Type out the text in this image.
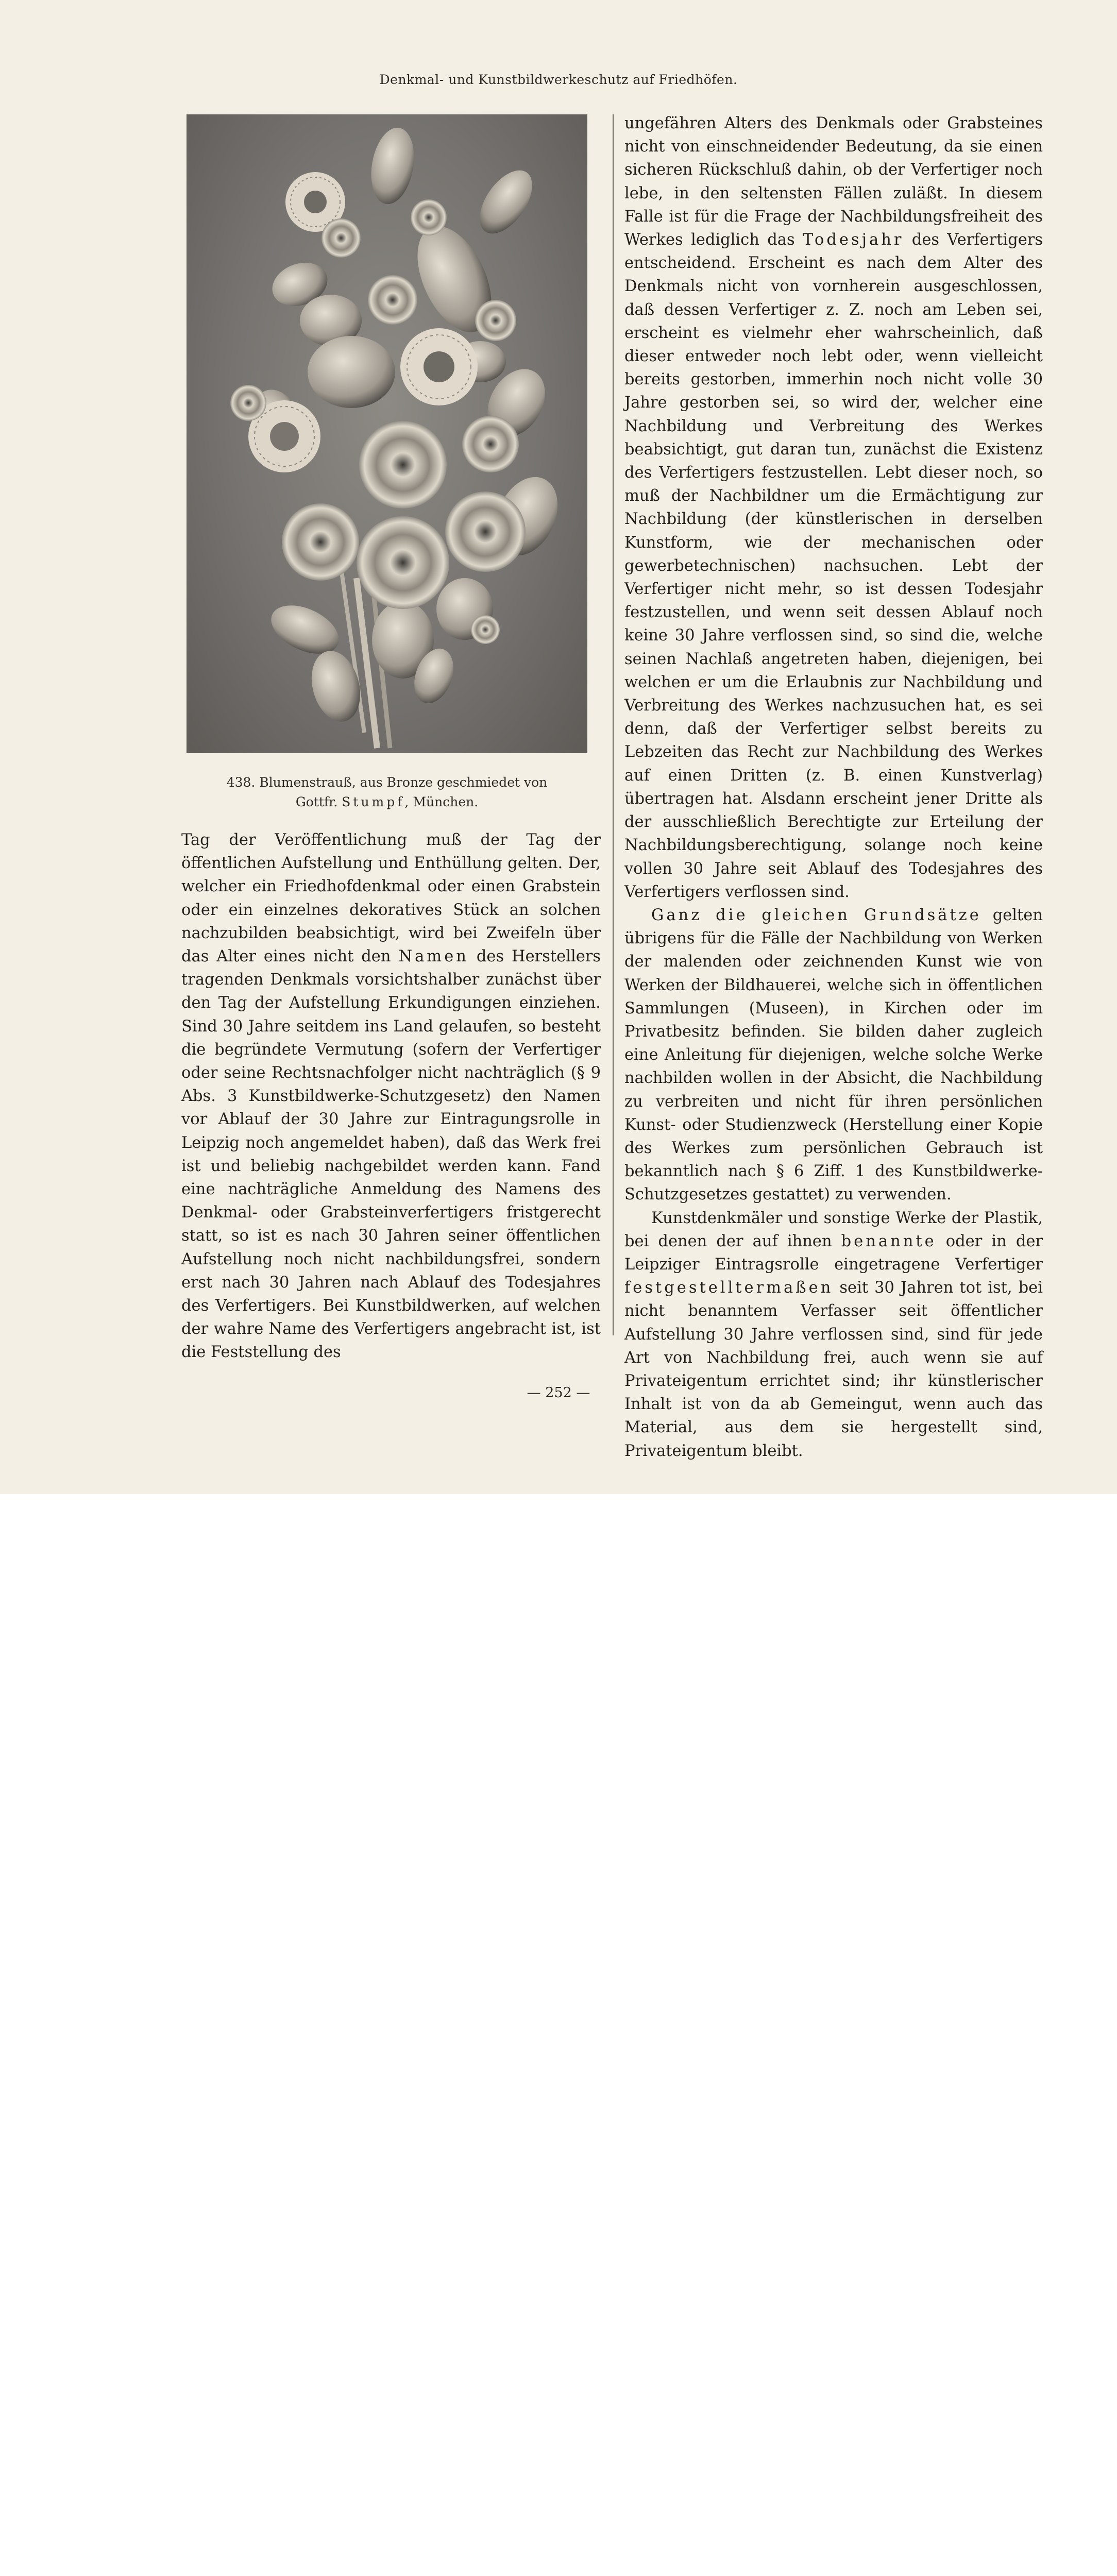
Denkmal- und Kunstbildwerkeschutz auf Friedhöfen.
438. Blumenstrauß, aus Bronze geschmiedet von
Gottfr. Stumpf, München.

Tag der Veröffentlichung muß der Tag der öffentlichen Aufstellung und Enthüllung gelten. Der, welcher ein Friedhofdenkmal oder einen Grabstein oder ein einzelnes dekoratives Stück an solchen nachzubilden beabsichtigt, wird bei Zweifeln über das Alter eines nicht den Namen des Herstellers tragenden Denkmals vorsichtshalber zunächst über den Tag der Aufstellung Erkundigungen einziehen. Sind 30 Jahre seitdem ins Land gelaufen, so besteht die begründete Vermutung (sofern der Verfertiger oder seine Rechtsnachfolger nicht nachträglich (§ 9 Abs. 3 Kunstbildwerke-Schutzgesetz) den Namen vor Ablauf der 30 Jahre zur Eintragungsrolle in Leipzig noch angemeldet haben), daß das Werk frei ist und beliebig nachgebildet werden kann. Fand eine nachträgliche Anmeldung des Namens des Denkmal- oder Grabsteinverfertigers fristgerecht statt, so ist es nach 30 Jahren seiner öffentlichen Aufstellung noch nicht nachbildungsfrei, sondern erst nach 30 Jahren nach Ablauf des Todesjahres des Verfertigers. Bei Kunstbildwerken, auf welchen der wahre Name des Verfertigers angebracht ist, ist die Feststellung des

ungefähren Alters des Denkmals oder Grabsteines nicht von einschneidender Bedeutung, da sie einen sicheren Rückschluß dahin, ob der Verfertiger noch lebe, in den seltensten Fällen zuläßt. In diesem Falle ist für die Frage der Nachbildungsfreiheit des Werkes lediglich das Todesjahr des Verfertigers entscheidend. Erscheint es nach dem Alter des Denkmals nicht von vornherein ausgeschlossen, daß dessen Verfertiger z. Z. noch am Leben sei, erscheint es vielmehr eher wahrscheinlich, daß dieser entweder noch lebt oder, wenn vielleicht bereits gestorben, immerhin noch nicht volle 30 Jahre gestorben sei, so wird der, welcher eine Nachbildung und Verbreitung des Werkes beabsichtigt, gut daran tun, zunächst die Existenz des Verfertigers festzustellen. Lebt dieser noch, so muß der Nachbildner um die Ermächtigung zur Nachbildung (der künstlerischen in derselben Kunstform, wie der mechanischen oder gewerbetechnischen) nachsuchen. Lebt der Verfertiger nicht mehr, so ist dessen Todesjahr festzustellen, und wenn seit dessen Ablauf noch keine 30 Jahre verflossen sind, so sind die, welche seinen Nachlaß angetreten haben, diejenigen, bei welchen er um die Erlaubnis zur Nachbildung und Verbreitung des Werkes nachzusuchen hat, es sei denn, daß der Verfertiger selbst bereits zu Lebzeiten das Recht zur Nachbildung des Werkes auf einen Dritten (z. B. einen Kunstverlag) übertragen hat. Alsdann erscheint jener Dritte als der ausschließlich Berechtigte zur Erteilung der Nachbildungsberechtigung, solange noch keine vollen 30 Jahre seit Ablauf des Todesjahres des Verfertigers verflossen sind.

Ganz die gleichen Grundsätze gelten übrigens für die Fälle der Nachbildung von Werken der malenden oder zeichnenden Kunst wie von Werken der Bildhauerei, welche sich in öffentlichen Sammlungen (Museen), in Kirchen oder im Privatbesitz befinden. Sie bilden daher zugleich eine Anleitung für diejenigen, welche solche Werke nachbilden wollen in der Absicht, die Nachbildung zu verbreiten und nicht für ihren persönlichen Kunst- oder Studienzweck (Herstellung einer Kopie des Werkes zum persönlichen Gebrauch ist bekanntlich nach § 6 Ziff. 1 des Kunstbildwerke-Schutzgesetzes gestattet) zu verwenden.

Kunstdenkmäler und sonstige Werke der Plastik, bei denen der auf ihnen benannte oder in der Leipziger Eintragsrolle eingetragene Verfertiger festgestelltermaßen seit 30 Jahren tot ist, bei nicht benanntem Verfasser seit öffentlicher Aufstellung 30 Jahre verflossen sind, sind für jede Art von Nachbildung frei, auch wenn sie auf Privateigentum errichtet sind; ihr künstlerischer Inhalt ist von da ab Gemeingut, wenn auch das Material, aus dem sie hergestellt sind, Privateigentum bleibt.

— 252 —
